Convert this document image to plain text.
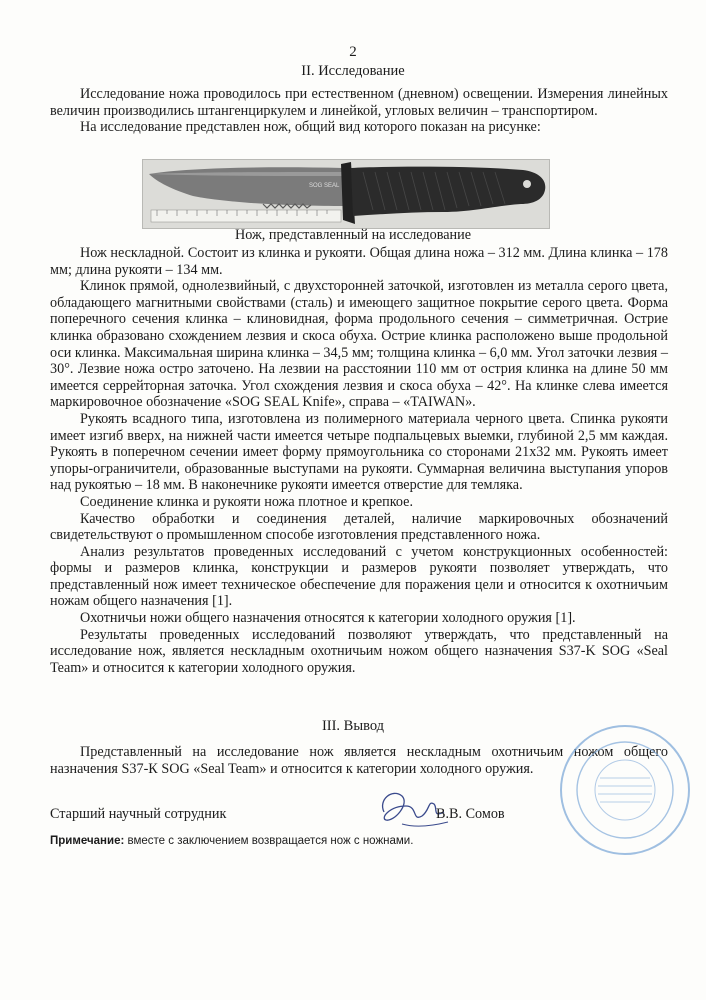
2
II. Исследование

Исследование ножа проводилось при естественном (дневном) освещении. Измерения линейных величин производились штангенциркулем и линейкой, угловых величин – транспортиром.

На исследование представлен нож, общий вид которого показан на рисунке:

SOG SEAL
Нож, представленный на исследование

Нож нескладной. Состоит из клинка и рукояти. Общая длина ножа – 312 мм. Длина клинка – 178 мм; длина рукояти – 134 мм.

Клинок прямой, однолезвийный, с двухсторонней заточкой, изготовлен из металла серого цвета, обладающего магнитными свойствами (сталь) и имеющего защитное покрытие серого цвета. Форма поперечного сечения клинка – клиновидная, форма продольного сечения – симметричная. Острие клинка образовано схождением лезвия и скоса обуха. Острие клинка расположено выше продольной оси клинка. Максимальная ширина клинка – 34,5 мм; толщина клинка – 6,0 мм. Угол заточки лезвия – 30°. Лезвие ножа остро заточено. На лезвии на расстоянии 110 мм от острия клинка на длине 50 мм имеется серрейторная заточка. Угол схождения лезвия и скоса обуха – 42°. На клинке слева имеется маркировочное обозначение «SOG SEAL Knife», справа – «TAIWAN».

Рукоять всадного типа, изготовлена из полимерного материала черного цвета. Спинка рукояти имеет изгиб вверх, на нижней части имеется четыре подпальцевых выемки, глубиной 2,5 мм каждая. Рукоять в поперечном сечении имеет форму прямоугольника со сторонами 21х32 мм. Рукоять имеет упоры-ограничители, образованные выступами на рукояти. Суммарная величина выступания упоров над рукоятью – 18 мм. В наконечнике рукояти имеется отверстие для темляка.

Соединение клинка и рукояти ножа плотное и крепкое.

Качество обработки и соединения деталей, наличие маркировочных обозначений свидетельствуют о промышленном способе изготовления представленного ножа.

Анализ результатов проведенных исследований с учетом конструкционных особенностей: формы и размеров клинка, конструкции и размеров рукояти позволяет утверждать, что представленный нож имеет техническое обеспечение для поражения цели и относится к охотничьим ножам общего назначения [1].

Охотничьи ножи общего назначения относятся к категории холодного оружия [1].

Результаты проведенных исследований позволяют утверждать, что представленный на исследование нож, является нескладным охотничьим ножом общего назначения S37-K SOG «Seal Team» и относится к категории холодного оружия.

III. Вывод

Представленный на исследование нож является нескладным охотничьим ножом общего назначения S37-К SOG «Seal Team» и относится к категории холодного оружия.

Старший научный сотрудник	В.В. Сомов
Примечание: вместе с заключением возвращается нож с ножнами.
